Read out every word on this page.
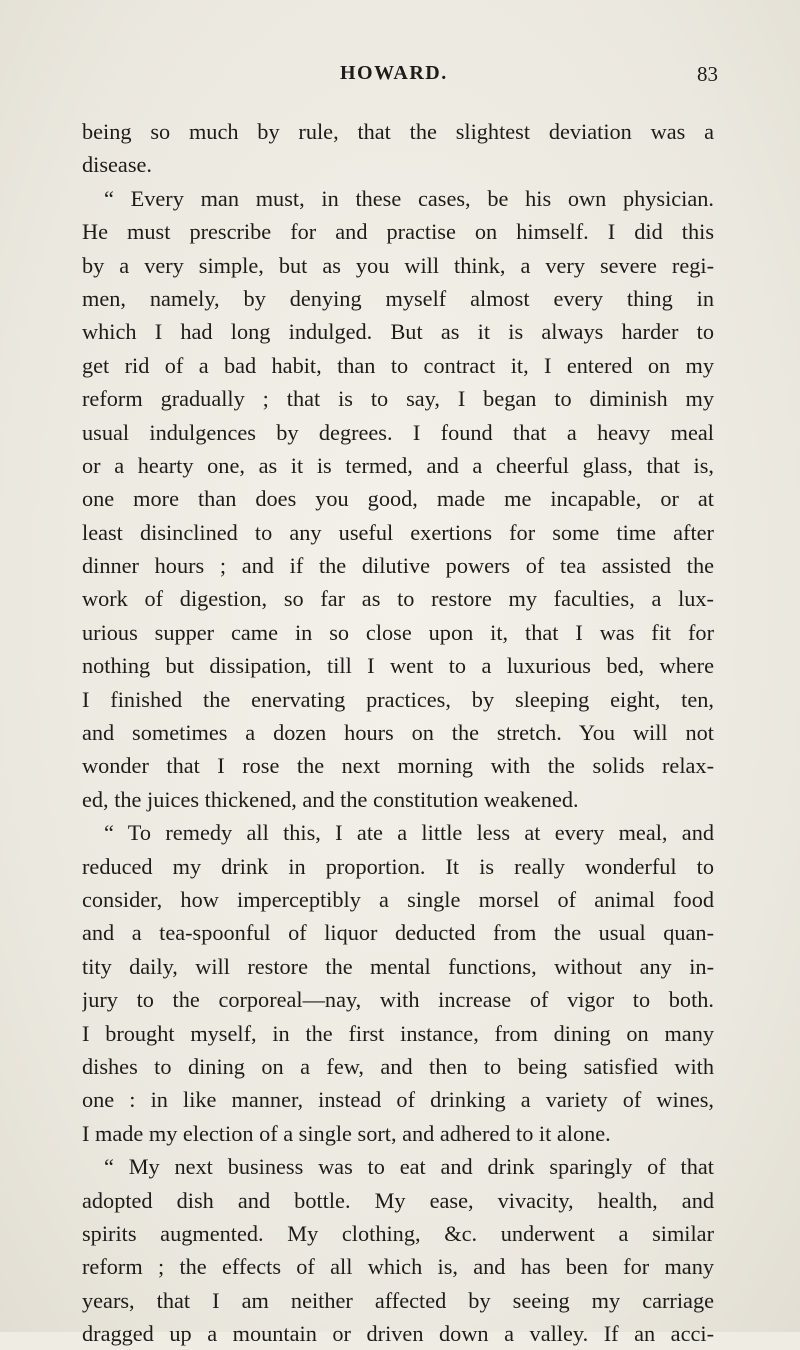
HOWARD.	83
being so much by rule, that the slightest deviation was a
disease.
“ Every man must, in these cases, be his own physician.
He must prescribe for and practise on himself. I did this
by a very simple, but as you will think, a very severe regi-
men, namely, by denying myself almost every thing in
which I had long indulged. But as it is always harder to
get rid of a bad habit, than to contract it, I entered on my
reform gradually ; that is to say, I began to diminish my
usual indulgences by degrees. I found that a heavy meal
or a hearty one, as it is termed, and a cheerful glass, that is,
one more than does you good, made me incapable, or at
least disinclined to any useful exertions for some time after
dinner hours ; and if the dilutive powers of tea assisted the
work of digestion, so far as to restore my faculties, a lux-
urious supper came in so close upon it, that I was fit for
nothing but dissipation, till I went to a luxurious bed, where
I finished the enervating practices, by sleeping eight, ten,
and sometimes a dozen hours on the stretch. You will not
wonder that I rose the next morning with the solids relax-
ed, the juices thickened, and the constitution weakened.
“ To remedy all this, I ate a little less at every meal, and
reduced my drink in proportion. It is really wonderful to
consider, how imperceptibly a single morsel of animal food
and a tea-spoonful of liquor deducted from the usual quan-
tity daily, will restore the mental functions, without any in-
jury to the corporeal—nay, with increase of vigor to both.
I brought myself, in the first instance, from dining on many
dishes to dining on a few, and then to being satisfied with
one : in like manner, instead of drinking a variety of wines,
I made my election of a single sort, and adhered to it alone.
“ My next business was to eat and drink sparingly of that
adopted dish and bottle. My ease, vivacity, health, and
spirits augmented. My clothing, &c. underwent a similar
reform ; the effects of all which is, and has been for many
years, that I am neither affected by seeing my carriage
dragged up a mountain or driven down a valley. If an acci-
